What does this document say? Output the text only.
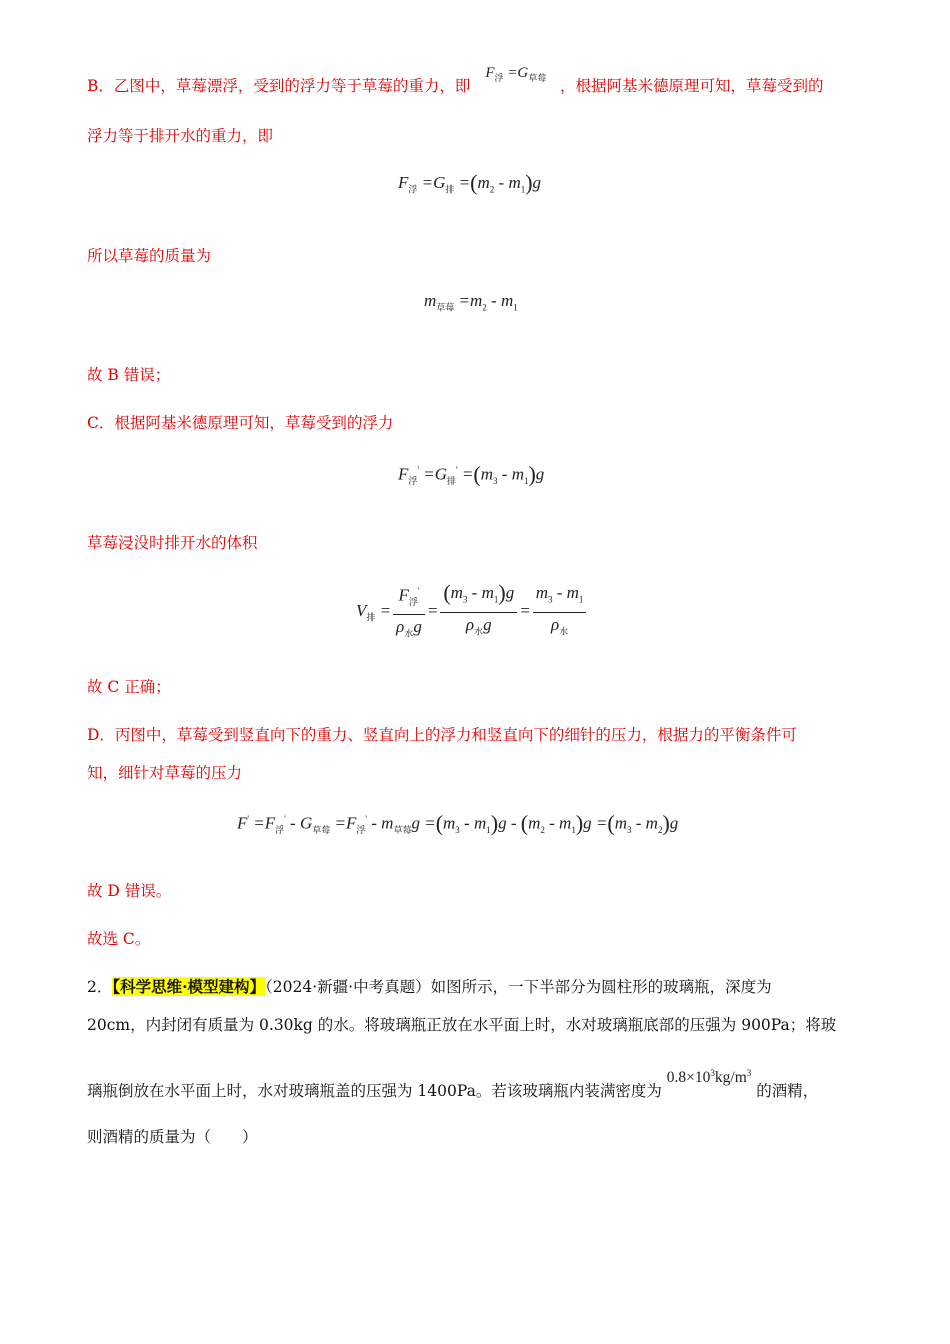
B．乙图中，草莓漂浮，受到的浮力等于草莓的重力，即 $F_浮 =G_{草莓}$ ，根据阿基米德原理可知，草莓受到的
浮力等于排开水的重力，即
$F_浮 =G_排 =(m_2 - m_1)g$
所以草莓的质量为
$m_{草莓} =m_2 - m_1$
故 B 错误；
C．根据阿基米德原理可知，草莓受到的浮力
$F_浮' =G_排' =(m_3 - m_1)g$
草莓浸没时排开水的体积
$V_排 = \frac{F_浮'}{\rho_水g} = \frac{(m_3 - m_1)g}{\rho_水g} = \frac{m_3 - m_1}{\rho_水}$
故 C 正确；
D．丙图中，草莓受到竖直向下的重力、竖直向上的浮力和竖直向下的细针的压力，根据力的平衡条件可
知，细针对草莓的压力
$F' =F_浮' - G_{草莓} =F_浮' - m_{草莓}g =(m_3 - m_1)g - (m_2 - m_1)g =(m_3 - m_2)g$
故 D 错误。
故选 C。
2．【科学思维·模型建构】（2024·新疆·中考真题）如图所示，一下半部分为圆柱形的玻璃瓶，深度为
20cm，内封闭有质量为 0.30kg 的水。将玻璃瓶正放在水平面上时，水对玻璃瓶底部的压强为 900Pa；将玻
璃瓶倒放在水平面上时，水对玻璃瓶盖的压强为 1400Pa。若该玻璃瓶内装满密度为 $0.8\times 10^3kg/m^3$ 的酒精，
则酒精的质量为（　　）
